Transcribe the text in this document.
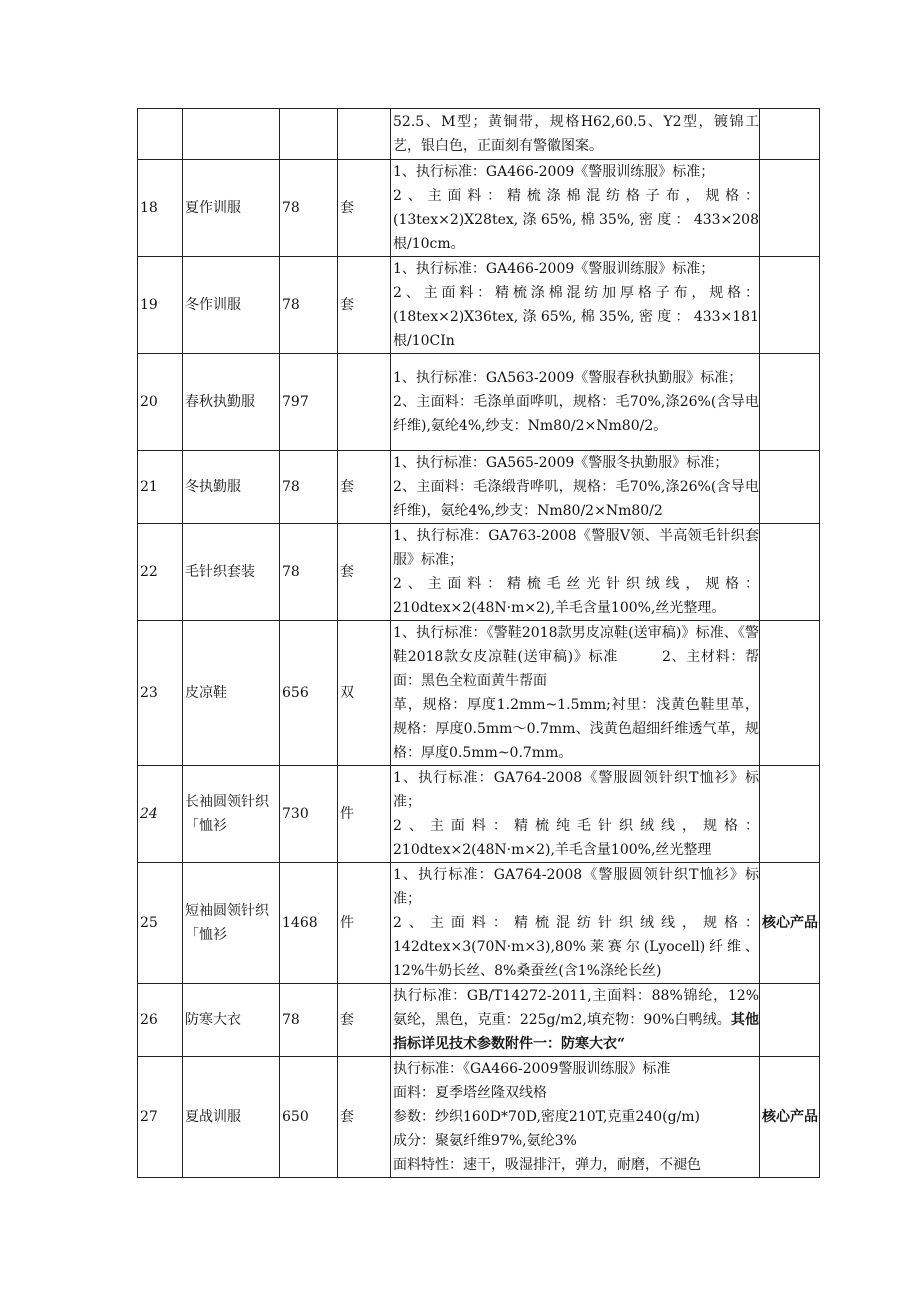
				52.5、M型；黄铜带，规格H62,60.5、Y2型，镀锦工艺，银白色，正面刻有警徽图案。	

18	夏作训服	78	套	1、执行标准：GA466-2009《警服训练服》标准；
2、主面料：精梳涤棉混纺格子布，规格：(13tex×2)X28tex,涤65%,棉35%,密度：433×208根/10cm。	

19	冬作训服	78	套	1、执行标准：GA466-2009《警服训练服》标准；
2、主面料：精梳涤棉混纺加厚格子布，规格：(18tex×2)X36tex,涤65%,棉35%,密度：433×181根/10CIn	

20	春秋执勤服	797		1、执行标准：GΛ563-2009《警服春秋执勤服》标准；
2、主面料：毛涤单面哗叽，规格：毛70%,涤26%(含导电纤维),氨纶4%,纱支：Nm80∕2×Nm80/2。	

21	冬执勤服	78	套	1、执行标准：GA565-2009《警服冬执勤服》标准；
2、主面料：毛涤缎背哗叽，规格：毛70%,涤26%(含导电纤维)，氨纶4%,纱支：Nm80∕2×Nm80/2	

22	毛针织套装	78	套	1、执行标准：GA763-2008《警服V领、半高领毛针织套服》标准；
2、主面料：精梳毛丝光针织绒线，规格：210dtex×2(48N·m×2),羊毛含量100%,丝光整理。	

23	皮凉鞋	656	双	1、执行标准：《警鞋2018款男皮凉鞋(送审稿)》标准、《警鞋2018款女皮凉鞋(送审稿)》标准　　　2、主材料：帮面：黑色全粒面黄牛帮面
革，规格：厚度1.2mm~1.5mm;衬里：浅黄色鞋里革，规格：厚度0.5mm～0.7mm、浅黄色超细纤维透气革，规格：厚度0.5mm~0.7mm。	

24	长袖圆领针织「恤衫	730	件	1、执行标准：GA764-2008《警服圆领针织T恤衫》标准；
2、主面料：精梳纯毛针织绒线，规格：210dtex×2(48N·m×2),羊毛含量100%,丝光整理	

25	短袖圆领针织「恤衫	1468	件	1、执行标准：GA764-2008《警服圆领针织T恤衫》标准；
2、主面料：精梳混纺针织绒线，规格：142dtex×3(70N·m×3),80%莱赛尔(Lyocell)纤维、12%牛奶长丝、8%桑蚕丝(含1%涤纶长丝)	核心产品
26	防寒大衣	78	套	执行标准：GB/T14272-2011,主面料：88%锦纶，12%氨纶，黑色，克重：225g∕m2,填充物：90%白鸭绒。其他指标详见技术参数附件一：防寒大衣“	
27	夏战训服	650	套	执行标准：《GA466-2009警服训练服》标准
面料：夏季塔丝隆双线格
参数：纱织160D*70D,密度210T,克重240(g∕m)
成分：聚氨纤维97%,氨纶3%
面料特性：速干，吸湿排汗，弹力，耐磨，不褪色	核心产品
